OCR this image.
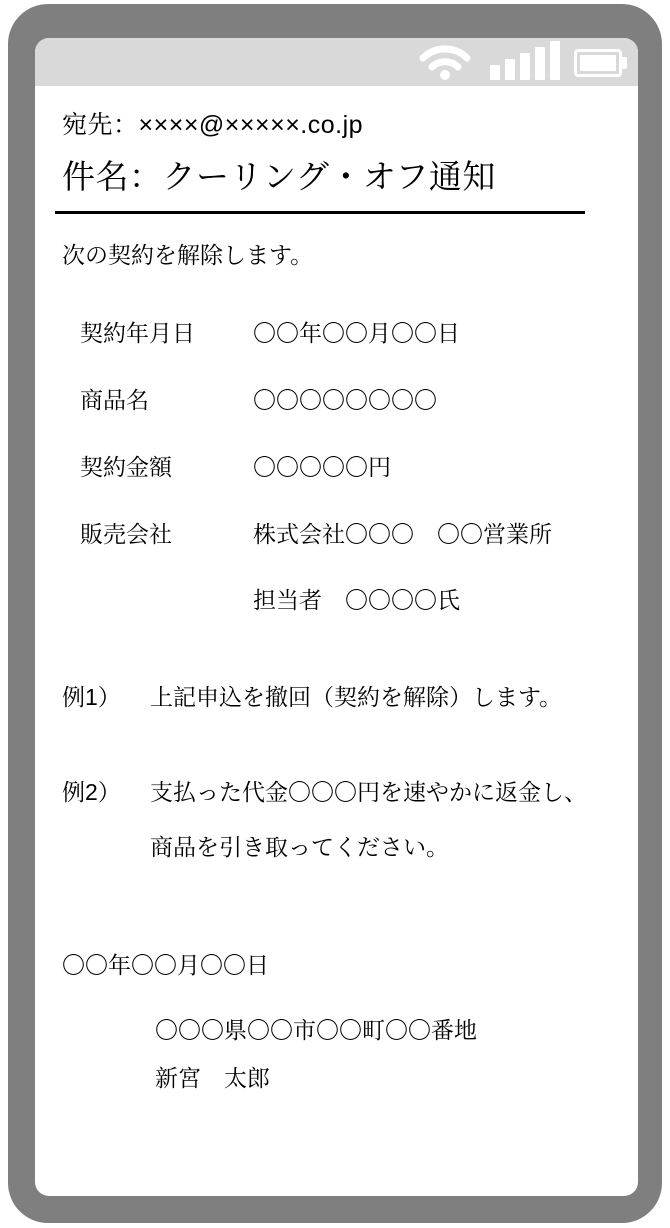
宛先：××××@×××××.co.jp
件名：クーリング・オフ通知
次の契約を解除します。
契約年月日	〇〇年〇〇月〇〇日
商品名	〇〇〇〇〇〇〇〇
契約金額	〇〇〇〇〇円
販売会社	株式会社〇〇〇　〇〇営業所
担当者　〇〇〇〇氏
例1）	上記申込を撤回（契約を解除）します。
例2）	支払った代金〇〇〇円を速やかに返金し、
商品を引き取ってください。
〇〇年〇〇月〇〇日
〇〇〇県〇〇市〇〇町〇〇番地
新宮　太郎
